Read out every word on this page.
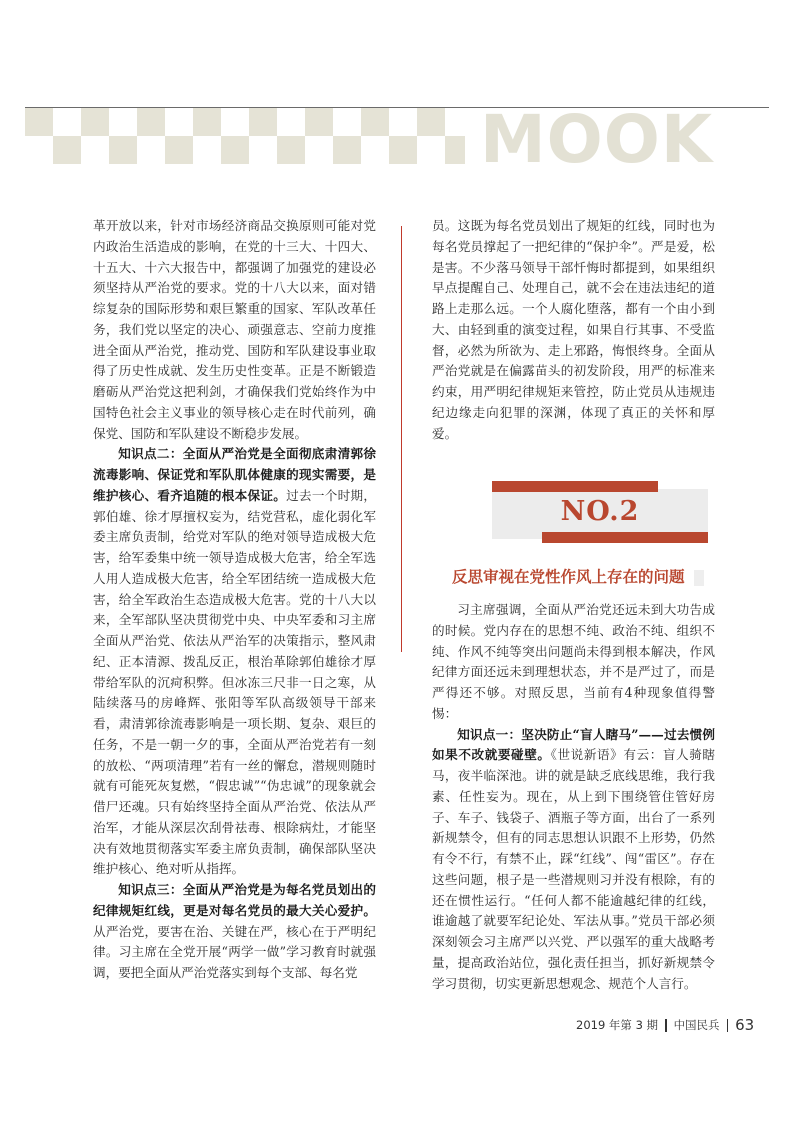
MOOK

革开放以来，针对市场经济商品交换原则可能对党内政治生活造成的影响，在党的十三大、十四大、十五大、十六大报告中，都强调了加强党的建设必须坚持从严治党的要求。党的十八大以来，面对错综复杂的国际形势和艰巨繁重的国家、军队改革任务，我们党以坚定的决心、顽强意志、空前力度推进全面从严治党，推动党、国防和军队建设事业取得了历史性成就、发生历史性变革。正是不断锻造磨砺从严治党这把利剑，才确保我们党始终作为中国特色社会主义事业的领导核心走在时代前列，确保党、国防和军队建设不断稳步发展。

知识点二：全面从严治党是全面彻底肃清郭徐流毒影响、保证党和军队肌体健康的现实需要，是维护核心、看齐追随的根本保证。过去一个时期，郭伯雄、徐才厚擅权妄为，结党营私，虚化弱化军委主席负责制，给党对军队的绝对领导造成极大危害，给军委集中统一领导造成极大危害，给全军选人用人造成极大危害，给全军团结统一造成极大危害，给全军政治生态造成极大危害。党的十八大以来，全军部队坚决贯彻党中央、中央军委和习主席全面从严治党、依法从严治军的决策指示，整风肃纪、正本清源、拨乱反正，根治革除郭伯雄徐才厚带给军队的沉疴积弊。但冰冻三尺非一日之寒，从陆续落马的房峰辉、张阳等军队高级领导干部来看，肃清郭徐流毒影响是一项长期、复杂、艰巨的任务，不是一朝一夕的事，全面从严治党若有一刻的放松、“两项清理”若有一丝的懈怠，潜规则随时就有可能死灰复燃，“假忠诚”“伪忠诚”的现象就会借尸还魂。只有始终坚持全面从严治党、依法从严治军，才能从深层次刮骨祛毒、根除病灶，才能坚决有效地贯彻落实军委主席负责制，确保部队坚决维护核心、绝对听从指挥。

知识点三：全面从严治党是为每名党员划出的纪律规矩红线，更是对每名党员的最大关心爱护。从严治党，要害在治、关键在严，核心在于严明纪律。习主席在全党开展“两学一做”学习教育时就强调，要把全面从严治党落实到每个支部、每名党

员。这既为每名党员划出了规矩的红线，同时也为每名党员撑起了一把纪律的“保护伞”。严是爱，松是害。不少落马领导干部忏悔时都提到，如果组织早点提醒自己、处理自己，就不会在违法违纪的道路上走那么远。一个人腐化堕落，都有一个由小到大、由轻到重的演变过程，如果自行其事、不受监督，必然为所欲为、走上邪路，悔恨终身。全面从严治党就是在偏露苗头的初发阶段，用严的标准来约束，用严明纪律规矩来管控，防止党员从违规违纪边缘走向犯罪的深渊，体现了真正的关怀和厚爱。

NO.2
反思审视在党性作风上存在的问题

习主席强调，全面从严治党还远未到大功告成的时候。党内存在的思想不纯、政治不纯、组织不纯、作风不纯等突出问题尚未得到根本解决，作风纪律方面还远未到理想状态，并不是严过了，而是严得还不够。对照反思，当前有4种现象值得警惕：

知识点一：坚决防止“盲人瞎马”——过去惯例如果不改就要碰壁。《世说新语》有云：盲人骑瞎马，夜半临深池。讲的就是缺乏底线思维，我行我素、任性妄为。现在，从上到下围绕管住管好房子、车子、钱袋子、酒瓶子等方面，出台了一系列新规禁令，但有的同志思想认识跟不上形势，仍然有令不行，有禁不止，踩“红线”、闯“雷区”。存在这些问题，根子是一些潜规则习并没有根除，有的还在惯性运行。“任何人都不能逾越纪律的红线，谁逾越了就要军纪论处、军法从事。”党员干部必须深刻领会习主席严以兴党、严以强军的重大战略考量，提高政治站位，强化责任担当，抓好新规禁令学习贯彻，切实更新思想观念、规范个人言行。

2019 年第 3 期 中国民兵 63
